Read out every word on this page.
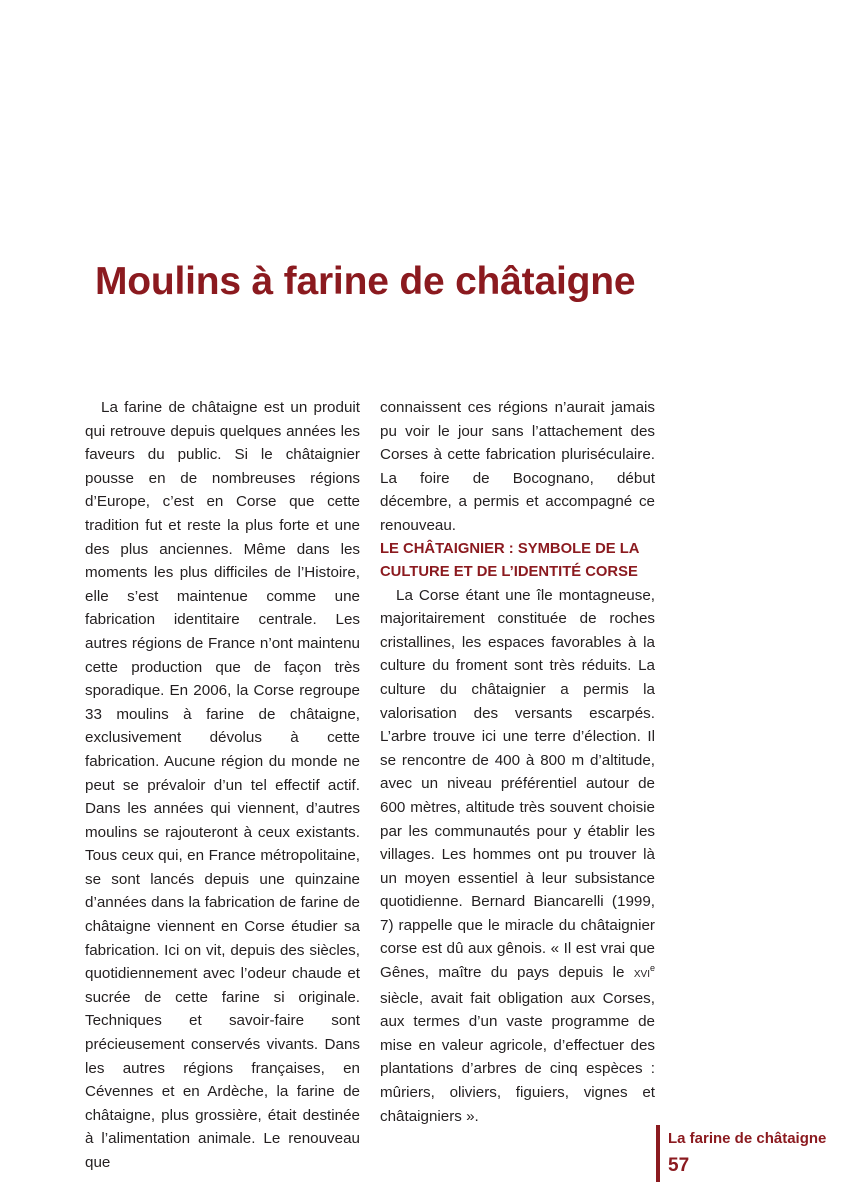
Moulins à farine de châtaigne

La farine de châtaigne est un produit qui retrouve depuis quelques années les faveurs du public. Si le châtaignier pousse en de nombreuses régions d’Europe, c’est en Corse que cette tradition fut et reste la plus forte et une des plus anciennes. Même dans les moments les plus difficiles de l’Histoire, elle s’est maintenue comme une fabrication identitaire centrale. Les autres régions de France n’ont maintenu cette production que de façon très sporadique. En 2006, la Corse regroupe 33 moulins à farine de châtaigne, exclusivement dévolus à cette fabrication. Aucune région du monde ne peut se prévaloir d’un tel effectif actif. Dans les années qui viennent, d’autres moulins se rajouteront à ceux existants. Tous ceux qui, en France métropolitaine, se sont lancés depuis une quinzaine d’années dans la fabrication de farine de châtaigne viennent en Corse étudier sa fabrication. Ici on vit, depuis des siècles, quotidiennement avec l’odeur chaude et sucrée de cette farine si originale. Techniques et savoir-faire sont précieusement conservés vivants. Dans les autres régions françaises, en Cévennes et en Ardèche, la farine de châtaigne, plus grossière, était destinée à l’alimentation animale. Le renouveau que

connaissent ces régions n’aurait jamais pu voir le jour sans l’attachement des Corses à cette fabrication pluriséculaire. La foire de Bocognano, début décembre, a permis et accompagné ce renouveau.

LE CHÂTAIGNIER : SYMBOLE DE LA CULTURE ET DE L’IDENTITÉ CORSE

La Corse étant une île montagneuse, majoritairement constituée de roches cristallines, les espaces favorables à la culture du froment sont très réduits. La culture du châtaignier a permis la valorisation des versants escarpés. L’arbre trouve ici une terre d’élection. Il se rencontre de 400 à 800 m d’altitude, avec un niveau préférentiel autour de 600 mètres, altitude très souvent choisie par les communautés pour y établir les villages. Les hommes ont pu trouver là un moyen essentiel à leur subsistance quotidienne. Bernard Biancarelli (1999, 7) rappelle que le miracle du châtaignier corse est dû aux gênois. « Il est vrai que Gênes, maître du pays depuis le XVIe siècle, avait fait obligation aux Corses, aux termes d’un vaste programme de mise en valeur agricole, d’effectuer des plantations d’arbres de cinq espèces : mûriers, oliviers, figuiers, vignes et châtaigniers ».

La farine de châtaigne
57
